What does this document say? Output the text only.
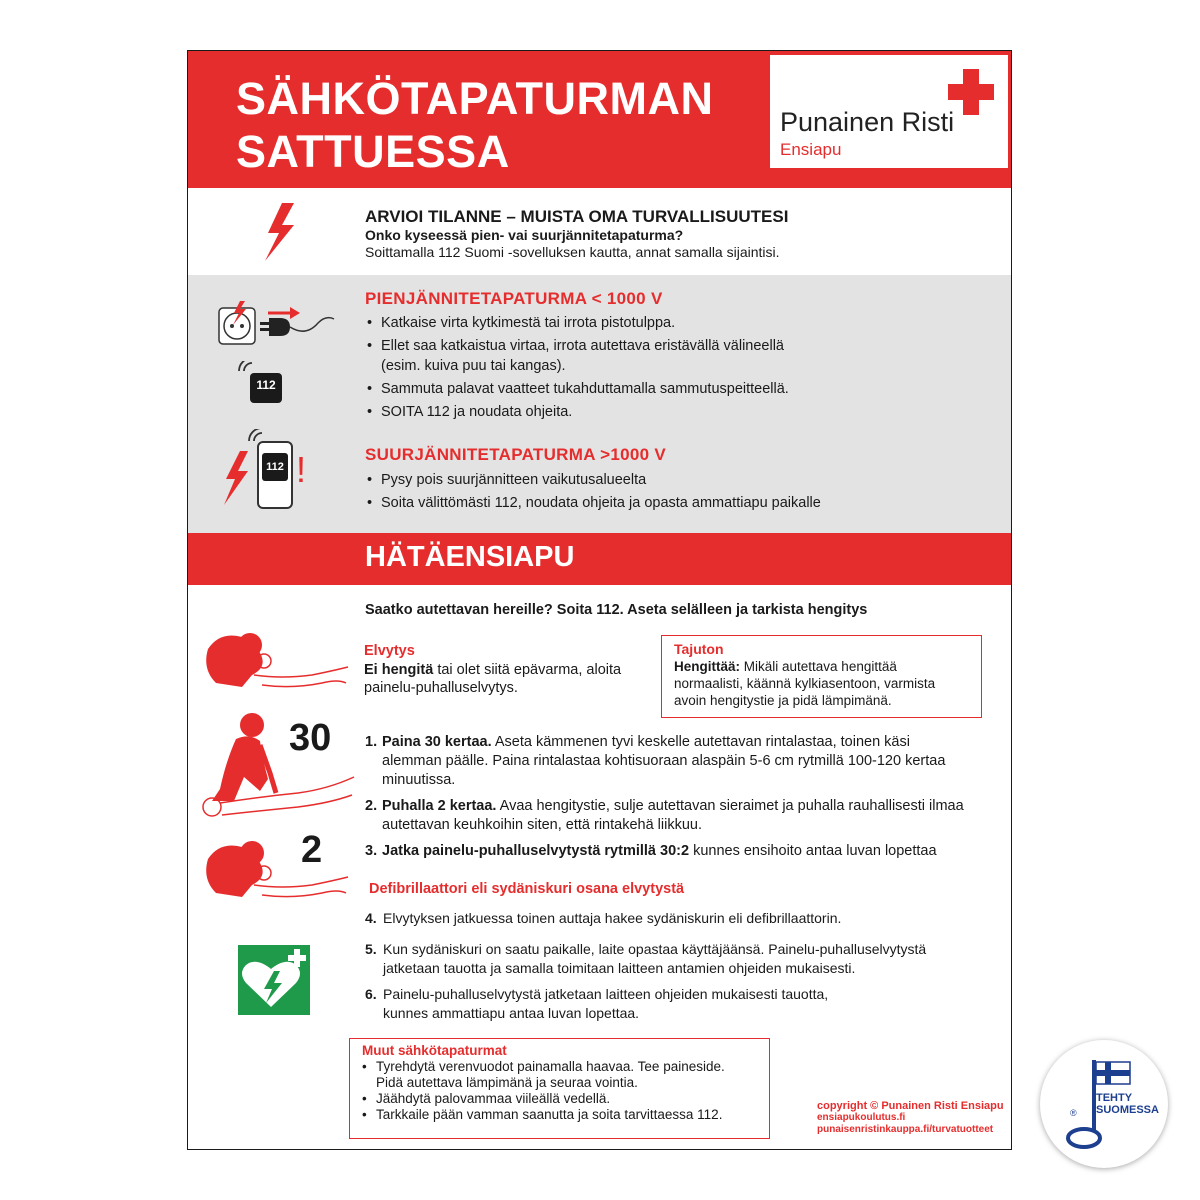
SÄHKÖTAPATURMAN
SATTUESSA
Punainen Risti
Ensiapu
ARVIOI TILANNE – MUISTA OMA TURVALLISUUTESI
Onko kyseessä pien- vai suurjännitetapaturma?
Soittamalla 112 Suomi -sovelluksen kautta, annat samalla sijaintisi.
112
PIENJÄNNITETAPATURMA < 1000 V
• Katkaise virta kytkimestä tai irrota pistotulppa.
• Ellet saa katkaistua virtaa, irrota autettava eristävällä välineellä
(esim. kuiva puu tai kangas).
• Sammuta palavat vaatteet tukahduttamalla sammutuspeitteellä.
• SOITA 112 ja noudata ohjeita.
112 !	SUURJÄNNITETAPATURMA >1000 V
• Pysy pois suurjännitteen vaikutusalueelta
• Soita välittömästi 112, noudata ohjeita ja opasta ammattiapu paikalle
HÄTÄENSIAPU
Saatko autettavan hereille? Soita 112. Aseta selälleen ja tarkista hengitys
Elvytys
Ei hengitä tai olet siitä epävarma, aloita painelu-puhalluselvytys.
Tajuton
Hengittää: Mikäli autettava hengittää normaalisti, käännä kylkiasentoon, varmista avoin hengitystie ja pidä lämpimänä.
30
2
1. Paina 30 kertaa. Aseta kämmenen tyvi keskelle autettavan rintalastaa, toinen käsi alemman päälle. Paina rintalastaa kohtisuoraan alaspäin 5-6 cm rytmillä 100-120 kertaa minuutissa.
2. Puhalla 2 kertaa. Avaa hengitystie, sulje autettavan sieraimet ja puhalla rauhallisesti ilmaa autettavan keuhkoihin siten, että rintakehä liikkuu.
3. Jatka painelu-puhalluselvytystä rytmillä 30:2 kunnes ensihoito antaa luvan lopettaa
Defibrillaattori eli sydäniskuri osana elvytystä
4. Elvytyksen jatkuessa toinen auttaja hakee sydäniskurin eli defibrillaattorin.
5. Kun sydäniskuri on saatu paikalle, laite opastaa käyttäjäänsä. Painelu-puhalluselvytystä jatketaan tauotta ja samalla toimitaan laitteen antamien ohjeiden mukaisesti.
6. Painelu-puhalluselvytystä jatketaan laitteen ohjeiden mukaisesti tauotta, kunnes ammattiapu antaa luvan lopettaa.
Muut sähkötapaturmat
• Tyrehdytä verenvuodot painamalla haavaa. Tee paineside.
Pidä autettava lämpimänä ja seuraa vointia.
• Jäähdytä palovammaa viileällä vedellä.
• Tarkkaile pään vamman saanutta ja soita tarvittaessa 112.
copyright © Punainen Risti Ensiapu
ensiapukoulutus.fi
punaisenristinkauppa.fi/turvatuotteet
TEHTY
SUOMESSA
®
